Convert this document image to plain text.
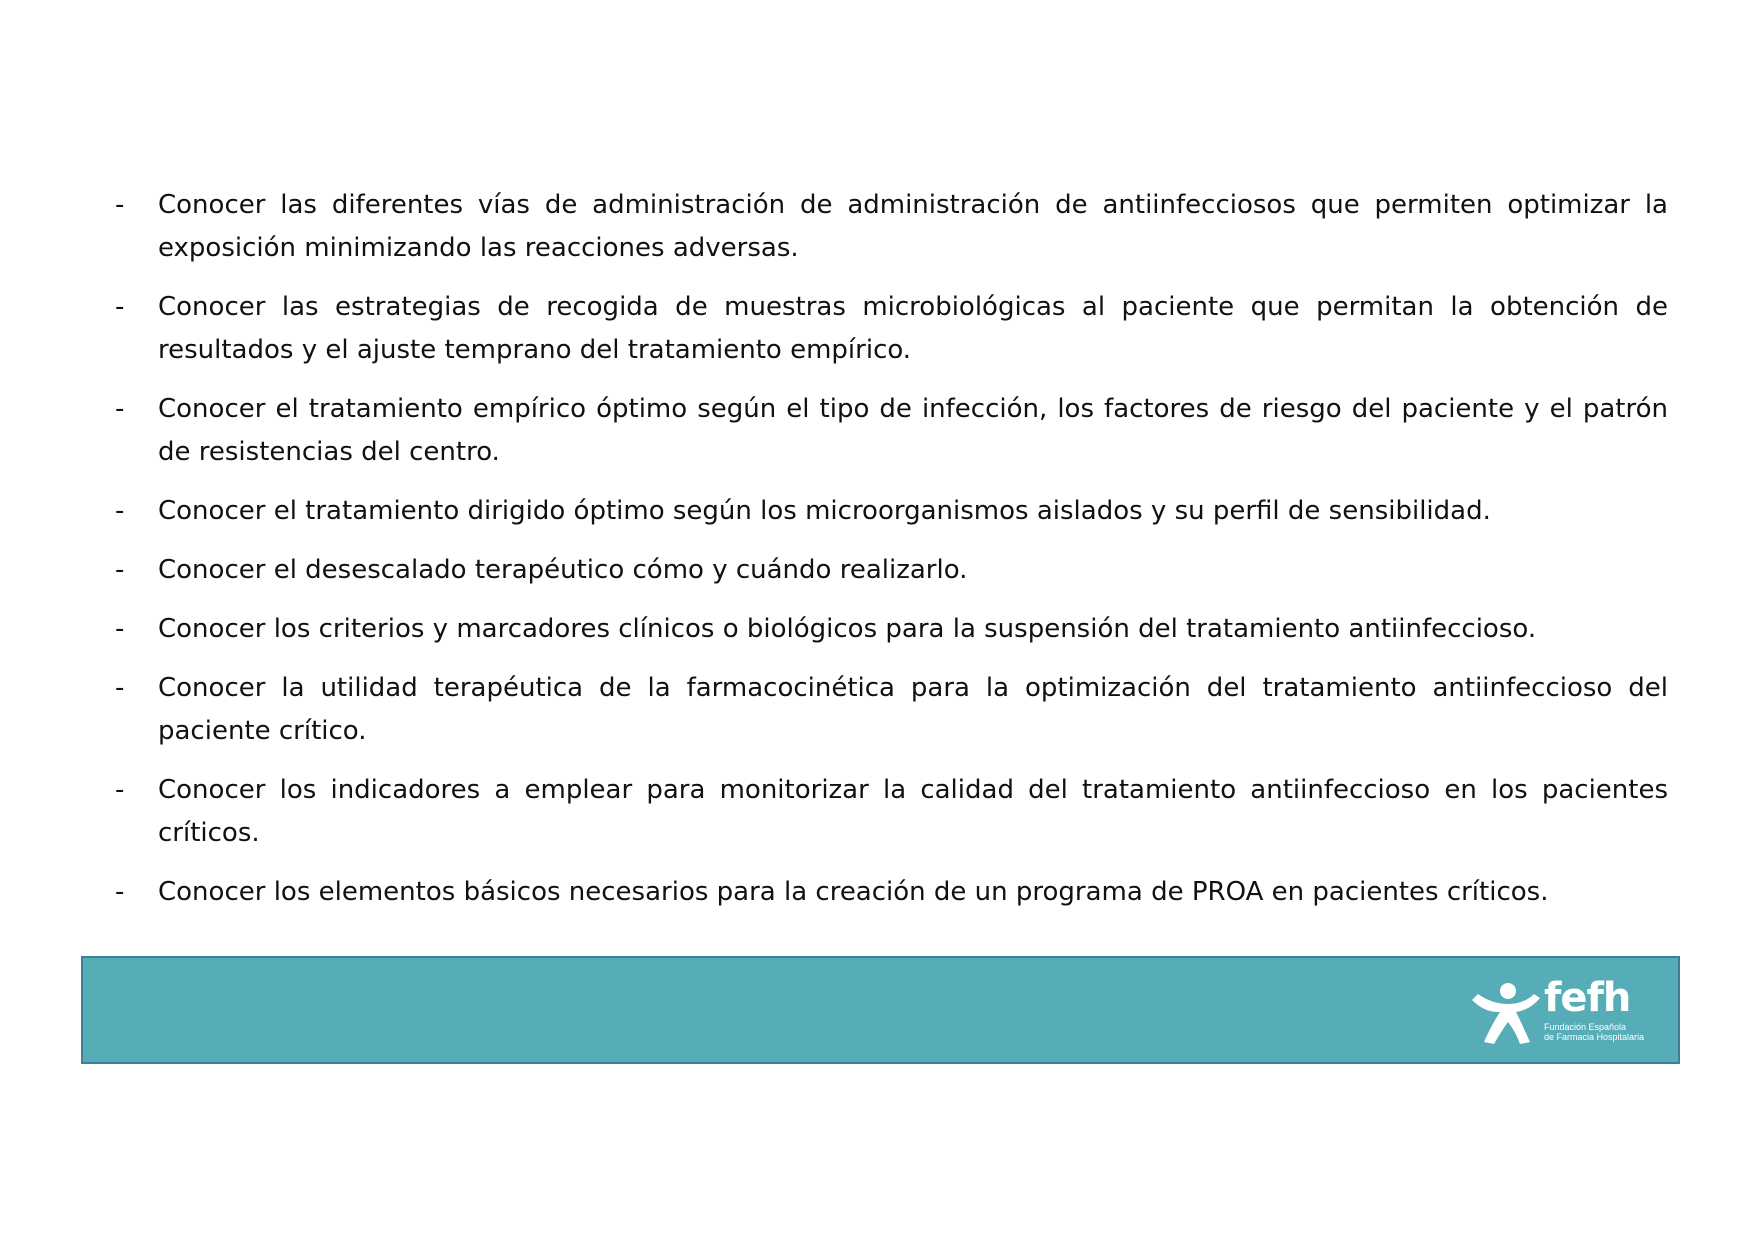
-	Conocer las diferentes vías de administración de administración de antiinfecciosos que permiten optimizar la exposición minimizando las reacciones adversas.
-	Conocer las estrategias de recogida de muestras microbiológicas al paciente que permitan la obtención de resultados y el ajuste temprano del tratamiento empírico.
-	Conocer el tratamiento empírico óptimo según el tipo de infección, los factores de riesgo del paciente y el patrón de resistencias del centro.
-	Conocer el tratamiento dirigido óptimo según los microorganismos aislados y su perfil de sensibilidad.
-	Conocer el desescalado terapéutico cómo y cuándo realizarlo.
-	Conocer los criterios y marcadores clínicos o biológicos para la suspensión del tratamiento antiinfeccioso.
-	Conocer la utilidad terapéutica de la farmacocinética para la optimización del tratamiento antiinfeccioso del paciente crítico.
-	Conocer los indicadores a emplear para monitorizar la calidad del tratamiento antiinfeccioso en los pacientes críticos.
-	Conocer los elementos básicos necesarios para la creación de un programa de PROA en pacientes críticos.
fefh
Fundación Española
de Farmacia Hospitalaria
